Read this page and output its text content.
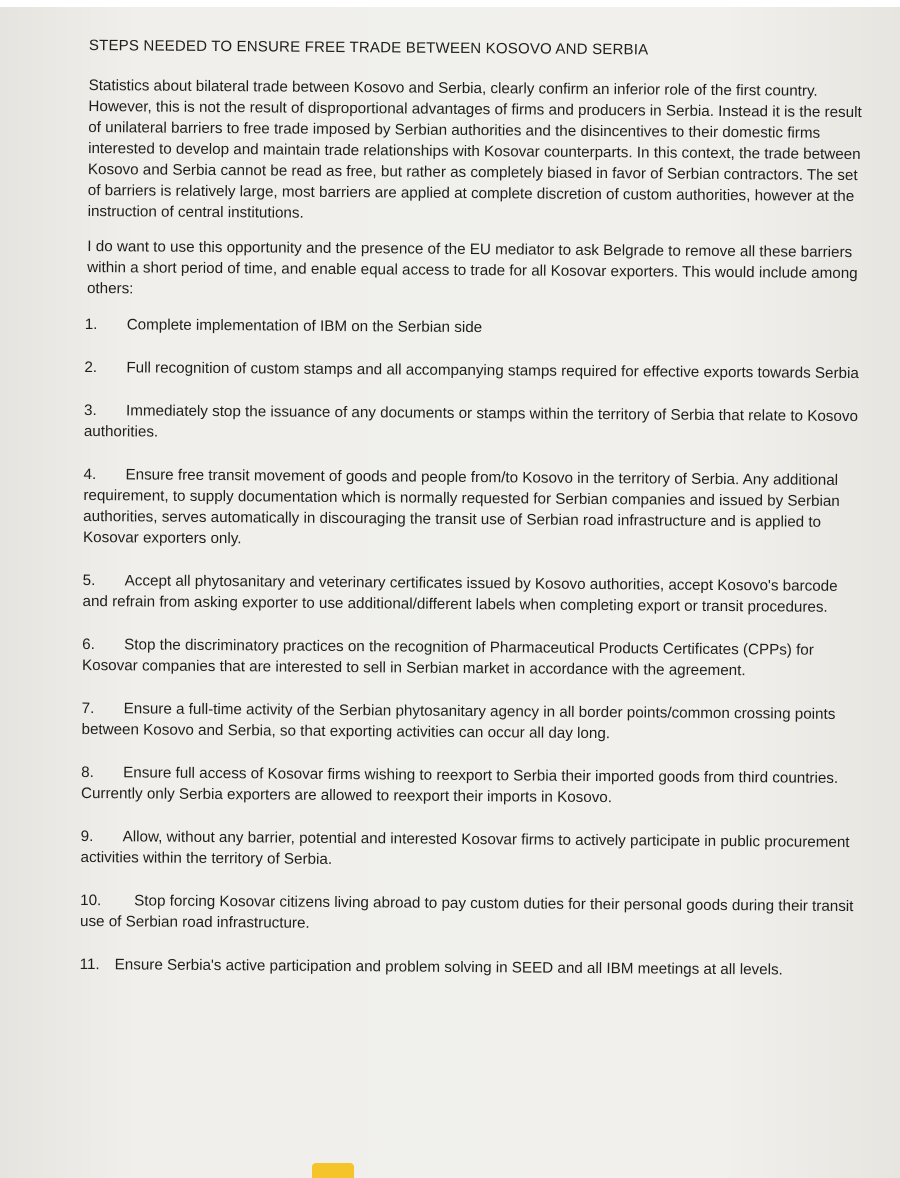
STEPS NEEDED TO ENSURE FREE TRADE BETWEEN KOSOVO AND SERBIA

Statistics about bilateral trade between Kosovo and Serbia, clearly confirm an inferior role of the first country. However, this is not the result of disproportional advantages of firms and producers in Serbia. Instead it is the result of unilateral barriers to free trade imposed by Serbian authorities and the disincentives to their domestic firms interested to develop and maintain trade relationships with Kosovar counterparts. In this context, the trade between Kosovo and Serbia cannot be read as free, but rather as completely biased in favor of Serbian contractors. The set of barriers is relatively large, most barriers are applied at complete discretion of custom authorities, however at the instruction of central institutions.

I do want to use this opportunity and the presence of the EU mediator to ask Belgrade to remove all these barriers within a short period of time, and enable equal access to trade for all Kosovar exporters. This would include among others:

1. Complete implementation of IBM on the Serbian side
2. Full recognition of custom stamps and all accompanying stamps required for effective exports towards Serbia
3. Immediately stop the issuance of any documents or stamps within the territory of Serbia that relate to Kosovo authorities.
4. Ensure free transit movement of goods and people from/to Kosovo in the territory of Serbia. Any additional requirement, to supply documentation which is normally requested for Serbian companies and issued by Serbian authorities, serves automatically in discouraging the transit use of Serbian road infrastructure and is applied to Kosovar exporters only.
5. Accept all phytosanitary and veterinary certificates issued by Kosovo authorities, accept Kosovo's barcode and refrain from asking exporter to use additional/different labels when completing export or transit procedures.
6. Stop the discriminatory practices on the recognition of Pharmaceutical Products Certificates (CPPs) for Kosovar companies that are interested to sell in Serbian market in accordance with the agreement.
7. Ensure a full-time activity of the Serbian phytosanitary agency in all border points/common crossing points between Kosovo and Serbia, so that exporting activities can occur all day long.
8. Ensure full access of Kosovar firms wishing to reexport to Serbia their imported goods from third countries. Currently only Serbia exporters are allowed to reexport their imports in Kosovo.
9. Allow, without any barrier, potential and interested Kosovar firms to actively participate in public procurement activities within the territory of Serbia.
10. Stop forcing Kosovar citizens living abroad to pay custom duties for their personal goods during their transit use of Serbian road infrastructure.
11. Ensure Serbia's active participation and problem solving in SEED and all IBM meetings at all levels.
